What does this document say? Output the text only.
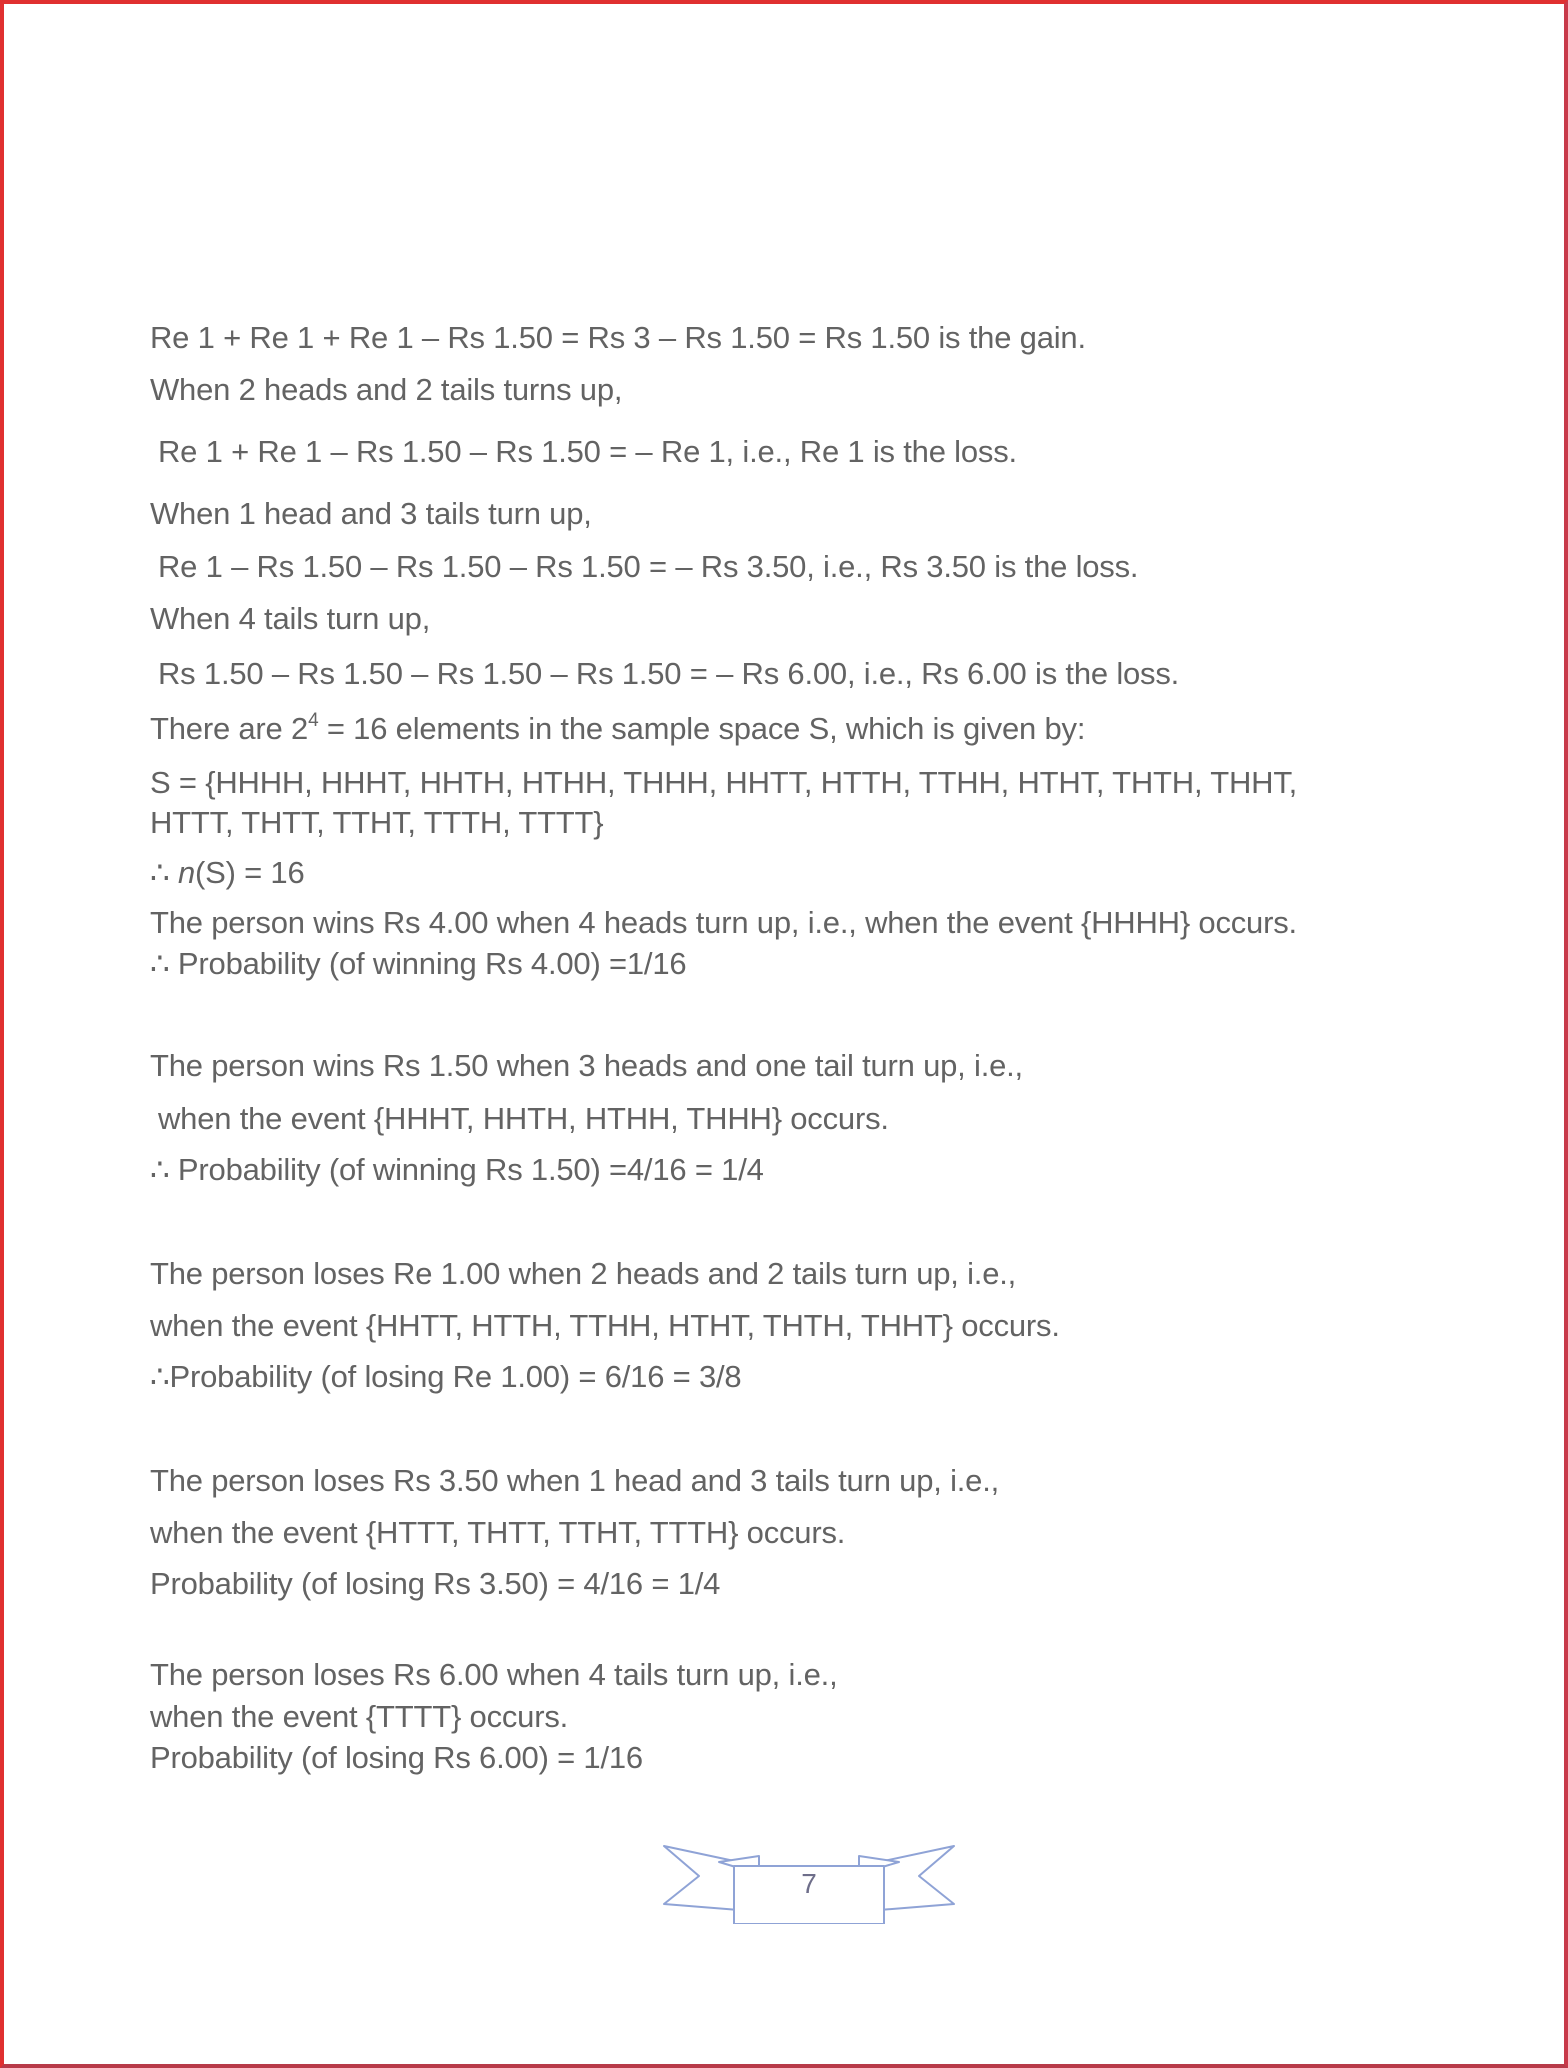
Re 1 + Re 1 + Re 1 – Rs 1.50 = Rs 3 – Rs 1.50 = Rs 1.50 is the gain.
When 2 heads and 2 tails turns up,
Re 1 + Re 1 – Rs 1.50 – Rs 1.50 = – Re 1, i.e., Re 1 is the loss.
When 1 head and 3 tails turn up,
Re 1 – Rs 1.50 – Rs 1.50 – Rs 1.50 = – Rs 3.50, i.e., Rs 3.50 is the loss.
When 4 tails turn up,
Rs 1.50 – Rs 1.50 – Rs 1.50 – Rs 1.50 = – Rs 6.00, i.e., Rs 6.00 is the loss.
There are $2^4 = 16$ elements in the sample space S, which is given by:
S = {HHHH, HHHT, HHTH, HTHH, THHH, HHTT, HTTH, TTHH, HTHT, THTH, THHT,
HTTT, THTT, TTHT, TTTH, TTTT}
∴ n(S) = 16
The person wins Rs 4.00 when 4 heads turn up, i.e., when the event {HHHH} occurs.
∴ Probability (of winning Rs 4.00) =1/16
The person wins Rs 1.50 when 3 heads and one tail turn up, i.e.,
when the event {HHHT, HHTH, HTHH, THHH} occurs.
∴ Probability (of winning Rs 1.50) =4/16 = 1/4
The person loses Re 1.00 when 2 heads and 2 tails turn up, i.e.,
when the event {HHTT, HTTH, TTHH, HTHT, THTH, THHT} occurs.
∴Probability (of losing Re 1.00) = 6/16 = 3/8
The person loses Rs 3.50 when 1 head and 3 tails turn up, i.e.,
when the event {HTTT, THTT, TTHT, TTTH} occurs.
Probability (of losing Rs 3.50) = 4/16 = 1/4
The person loses Rs 6.00 when 4 tails turn up, i.e.,
when the event {TTTT} occurs.
Probability (of losing Rs 6.00) = 1/16
7
